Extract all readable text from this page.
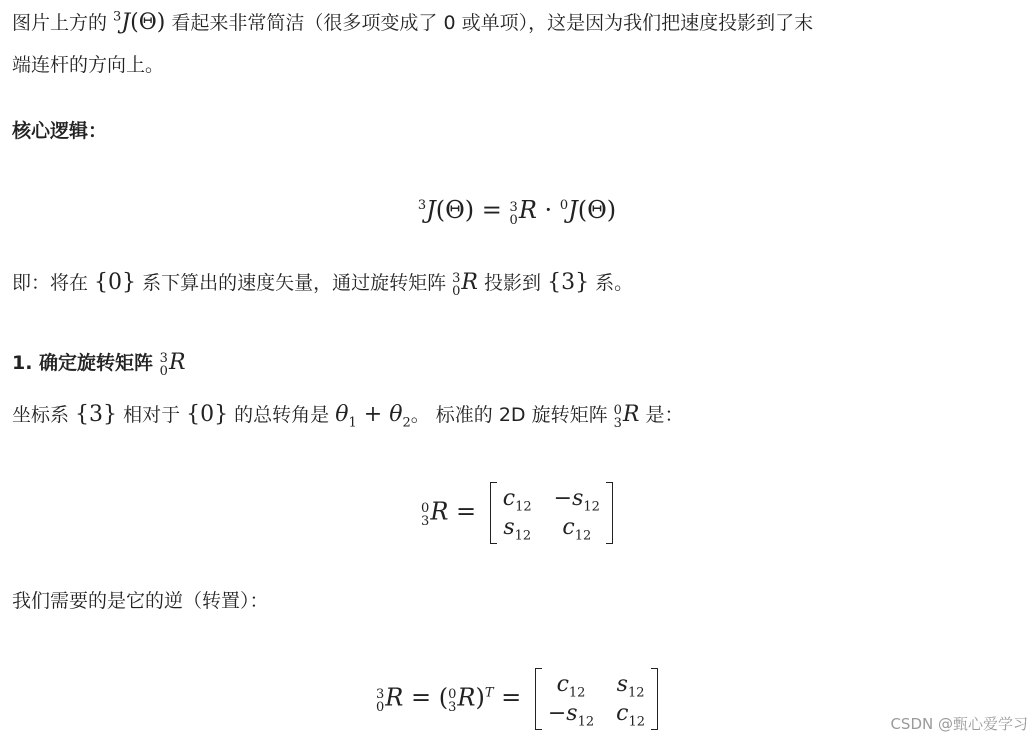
图片上方的 $^3$J(Θ) 看起来非常简洁（很多项变成了 0 或单项），这是因为我们把速度投影到了末
端连杆的方向上。
核心逻辑：
$^3$J(Θ) = 3
0 R · $^0$J(Θ)
即：将在 {0} 系下算出的速度矢量，通过旋转矩阵 3
0 R 投影到 {3} 系。
1. 确定旋转矩阵 3
0 R
坐标系 {3} 相对于 {0} 的总转角是 $\theta_1 + \theta_2$。 标准的 2D 旋转矩阵 0
3 R 是：
0
3 $R = c_{12} -s_{12}$
$s_{12}$	$c_{12}$
我们需要的是它的逆（转置）：
3
0 R = ( 0
3 R)$^T$ =	$c_{12}$	$s_{12}$
$-s_{12}$ $c_{12}$	CSDN @甄心爱学习
